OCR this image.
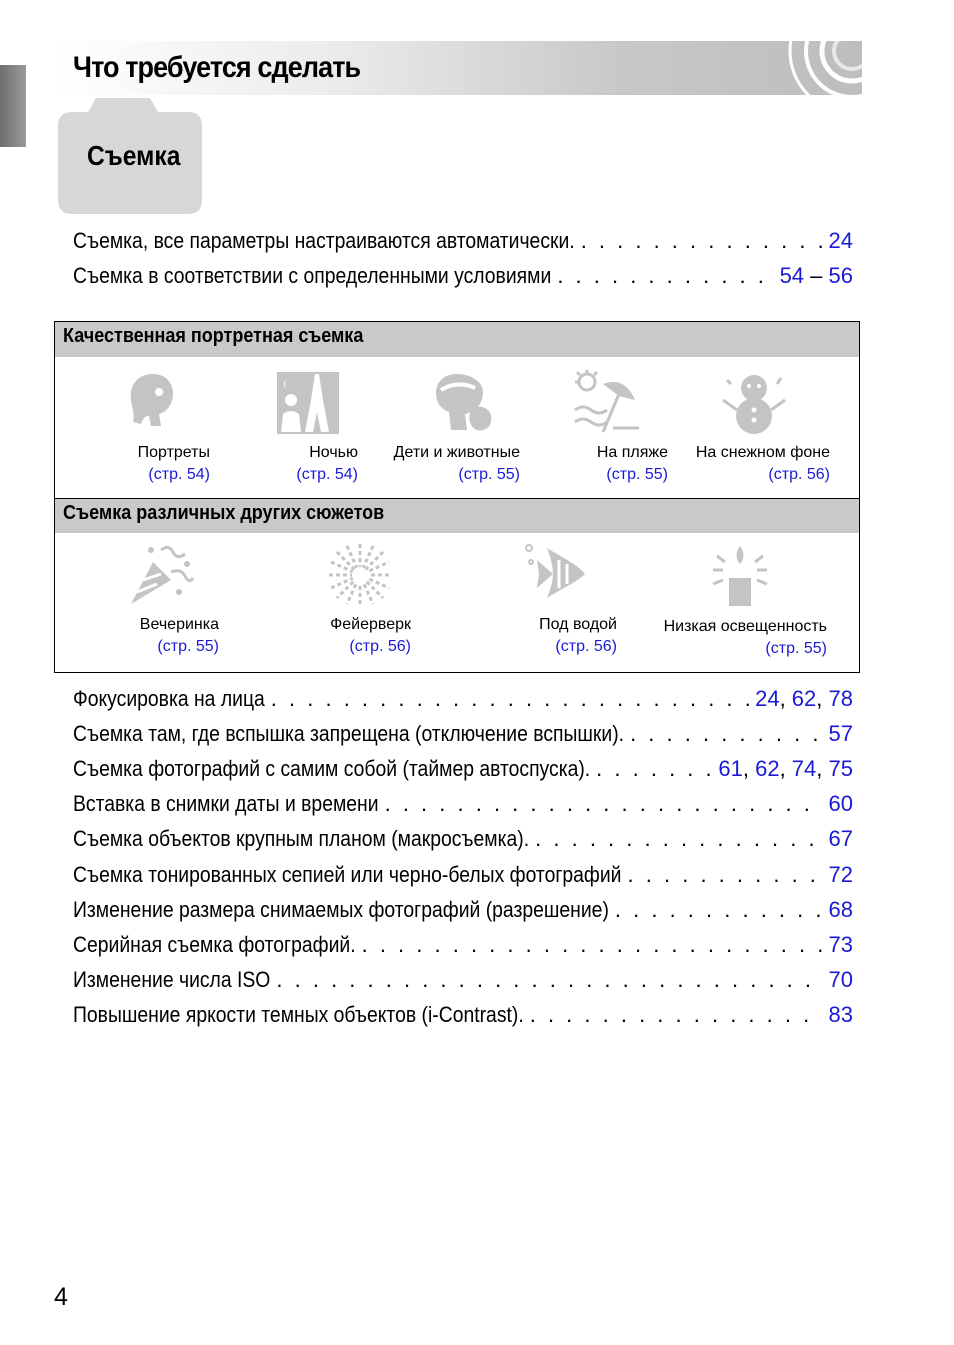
Что требуется сделать
Съемка
Съемка, все параметры настраиваются автоматически. . . .	24
Съемка в соответствии с определенными условиями . . .	54 – 56
Качественная портретная съемка
Портреты
(стр. 54)
Ночью
(стр. 54)
Дети и животные
(стр. 55)
На пляже
(стр. 55)
На снежном фоне
(стр. 56)
Съемка различных других сюжетов
Вечеринка
(стр. 55)
Фейерверк
(стр. 56)
Под водой
(стр. 56)
Низкая освещенность
(стр. 55)
Фокусировка на лица . . .	24, 62, 78
Съемка там, где вспышка запрещена (отключение вспышки). . . .	57
Съемка фотографий с самим собой (таймер автоспуска). . . .	61, 62, 74, 75
Вставка в снимки даты и времени . . .	60
Съемка объектов крупным планом (макросъемка). . . .	67
Съемка тонированных сепией или черно-белых фотографий . . .	72
Изменение размера снимаемых фотографий (разрешение) . . .	68
Серийная съемка фотографий. . . .	73
Изменение числа ISO . . .	70
Повышение яркости темных объектов (i-Contrast). . . .	83
4
